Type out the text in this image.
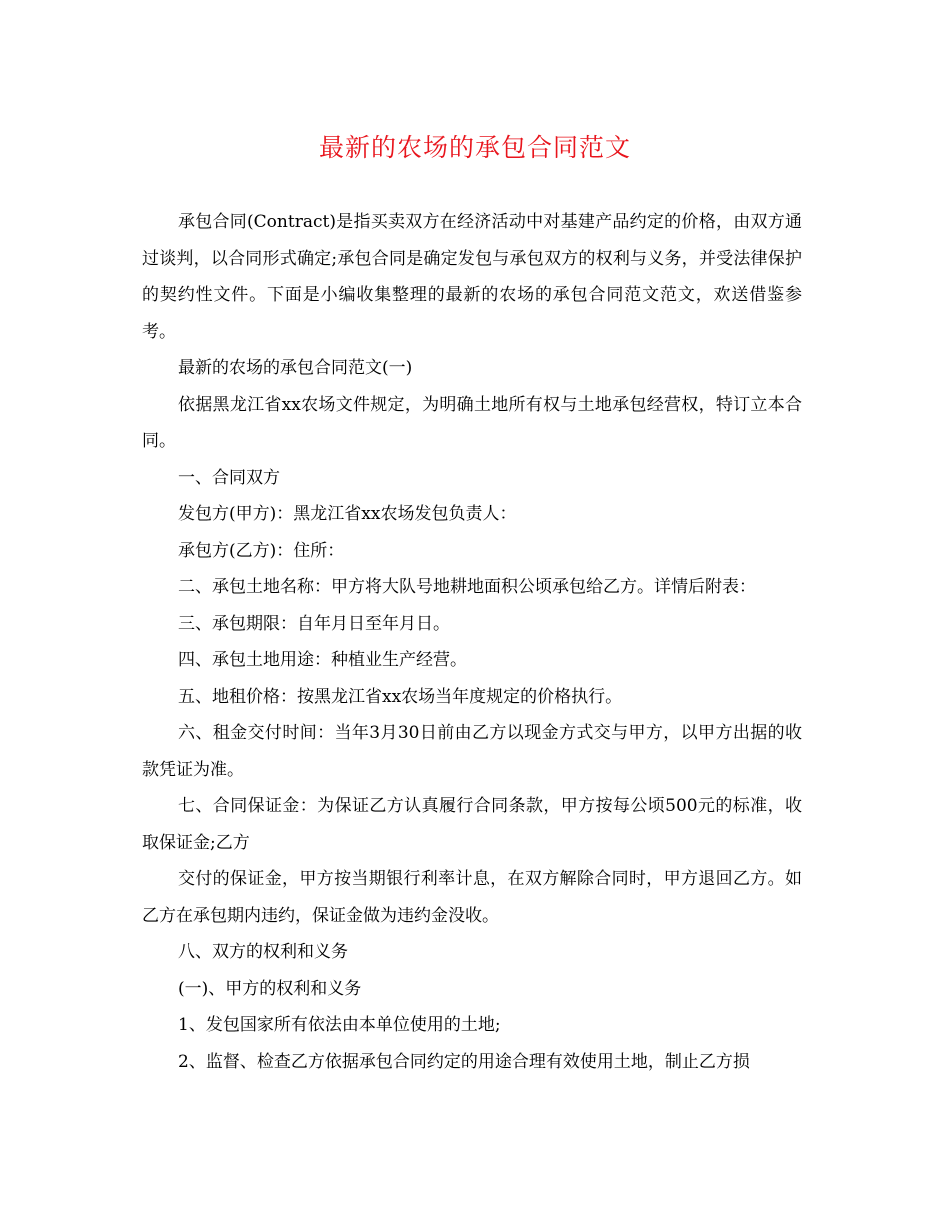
最新的农场的承包合同范文

承包合同(Contract)是指买卖双方在经济活动中对基建产品约定的价格，由双方通过谈判，以合同形式确定;承包合同是确定发包与承包双方的权利与义务，并受法律保护的契约性文件。下面是小编收集整理的最新的农场的承包合同范文范文，欢送借鉴参考。

最新的农场的承包合同范文(一)

依据黑龙江省xx农场文件规定，为明确土地所有权与土地承包经营权，特订立本合同。

一、合同双方

发包方(甲方)：黑龙江省xx农场发包负责人：

承包方(乙方)：住所：

二、承包土地名称：甲方将大队号地耕地面积公顷承包给乙方。详情后附表：

三、承包期限：自年月日至年月日。

四、承包土地用途：种植业生产经营。

五、地租价格：按黑龙江省xx农场当年度规定的价格执行。

六、租金交付时间：当年3月30日前由乙方以现金方式交与甲方，以甲方出据的收款凭证为准。

七、合同保证金：为保证乙方认真履行合同条款，甲方按每公顷500元的标准，收取保证金;乙方

交付的保证金，甲方按当期银行利率计息，在双方解除合同时，甲方退回乙方。如乙方在承包期内违约，保证金做为违约金没收。

八、双方的权利和义务

(一)、甲方的权利和义务

1、发包国家所有依法由本单位使用的土地;

2、监督、检查乙方依据承包合同约定的用途合理有效使用土地，制止乙方损
